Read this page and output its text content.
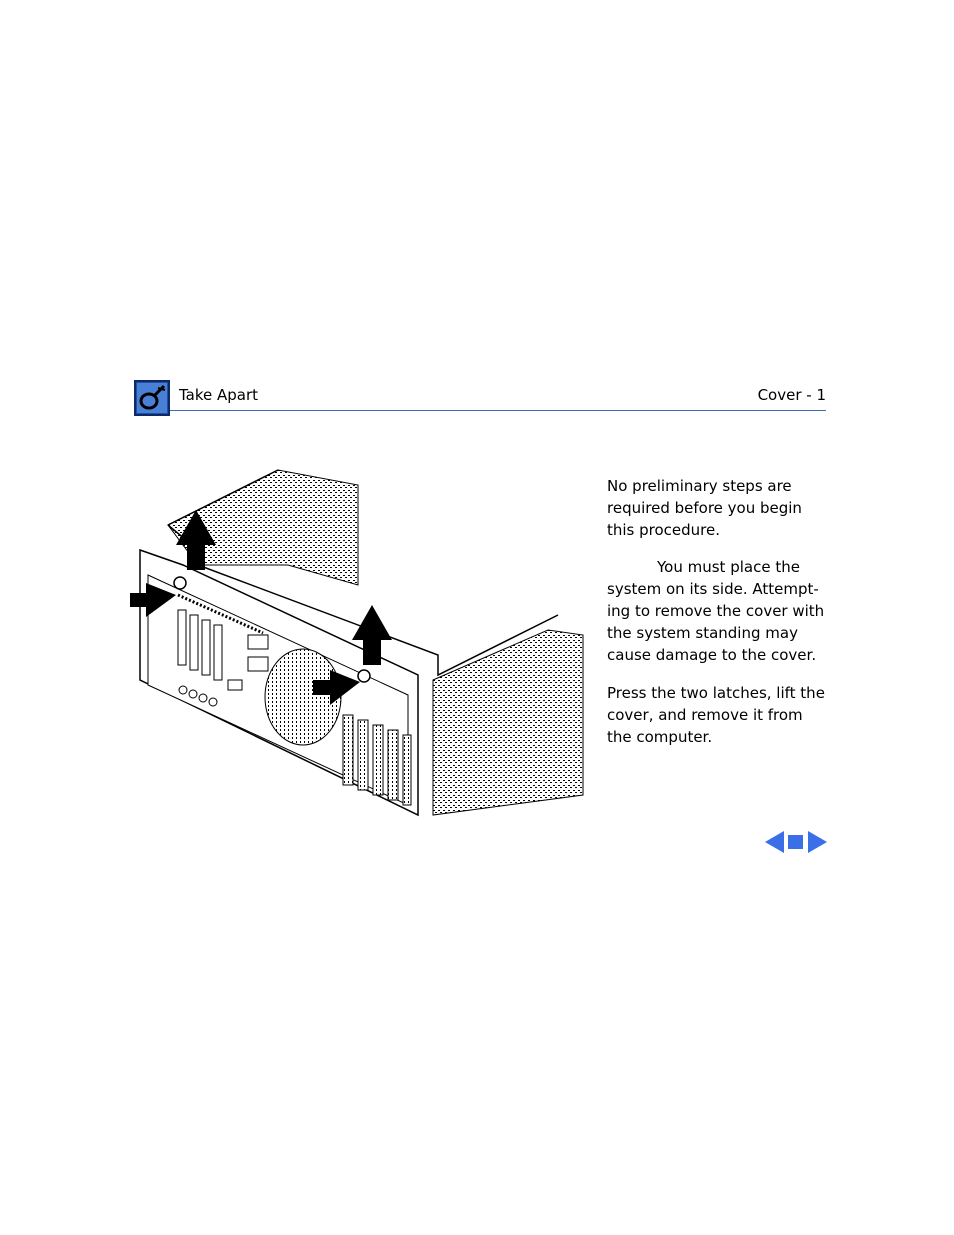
Take Apart	Cover - 1

No preliminary steps are required before you begin this procedure.

You must place the system on its side. Attempt-ing to remove the cover with the system standing may cause damage to the cover.

Press the two latches, lift the cover, and remove it from the computer.
